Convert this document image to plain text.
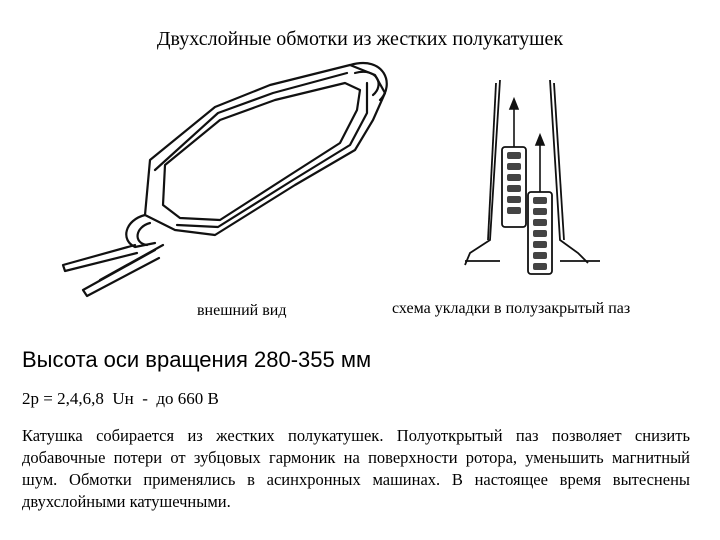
Двухслойные обмотки из жестких полукатушек
внешний вид	схема укладки в полузакрытый паз
Высота оси вращения 280-355 мм
2р = 2,4,6,8 Uн -  до 660 В
Катушка собирается из жестких полукатушек. Полуоткрытый паз позволяет снизить добавочные потери от зубцовых гармоник на поверхности ротора, уменьшить магнитный шум. Обмотки применялись в асинхронных машинах. В настоящее время вытеснены двухслойными катушечными.
